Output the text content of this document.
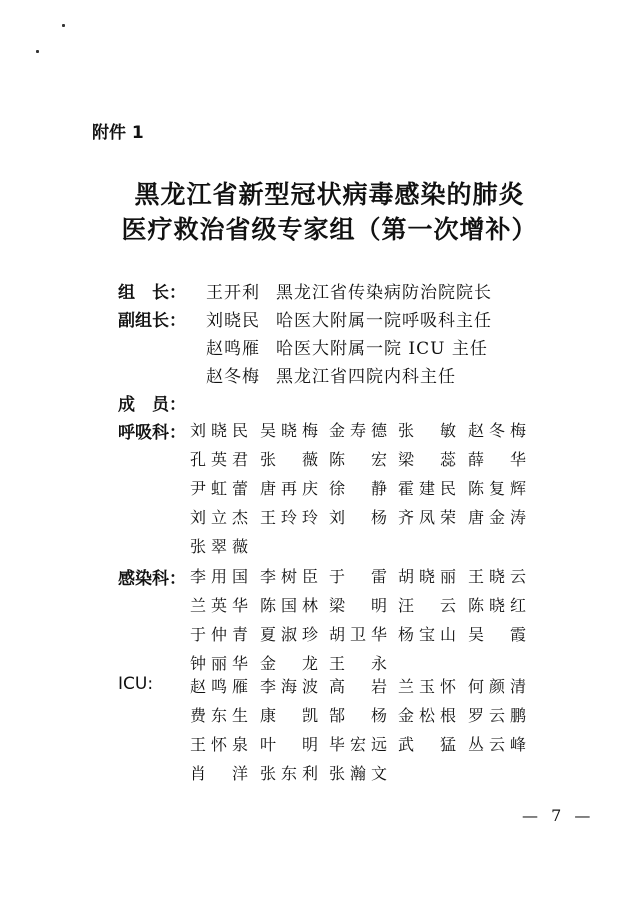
附件 1
黑龙江省新型冠状病毒感染的肺炎
医疗救治省级专家组（第一次增补）
组　长： 王开利 黑龙江省传染病防治院院长
副组长： 刘晓民 哈医大附属一院呼吸科主任
赵鸣雁 哈医大附属一院 ICU 主任
赵冬梅 黑龙江省四院内科主任
成　员：
呼吸科： 刘 晓 民 吴 晓 梅 金 寿 德 张 敏 赵 冬 梅
孔 英 君 张 薇 陈 宏 梁 蕊 薛 华
尹 虹 蕾 唐 再 庆 徐 静 霍 建 民 陈 复 辉
刘 立 杰 王 玲 玲 刘 杨 齐 凤 荣 唐 金 涛
张 翠 薇
感染科： 李 用 国 李 树 臣 于 雷 胡 晓 丽 王 晓 云
兰 英 华 陈 国 林 梁 明 汪 云 陈 晓 红
于 仲 青 夏 淑 珍 胡 卫 华 杨 宝 山 吴 霞
钟 丽 华 金 龙 王 永
ICU: 赵 鸣 雁 李 海 波 高 岩 兰 玉 怀 何 颜 清
费 东 生 康 凯 郜 杨 金 松 根 罗 云 鹏
王 怀 泉 叶 明 毕 宏 远 武 猛 丛 云 峰
肖 洋 张 东 利 张 瀚 文
— 7 —
